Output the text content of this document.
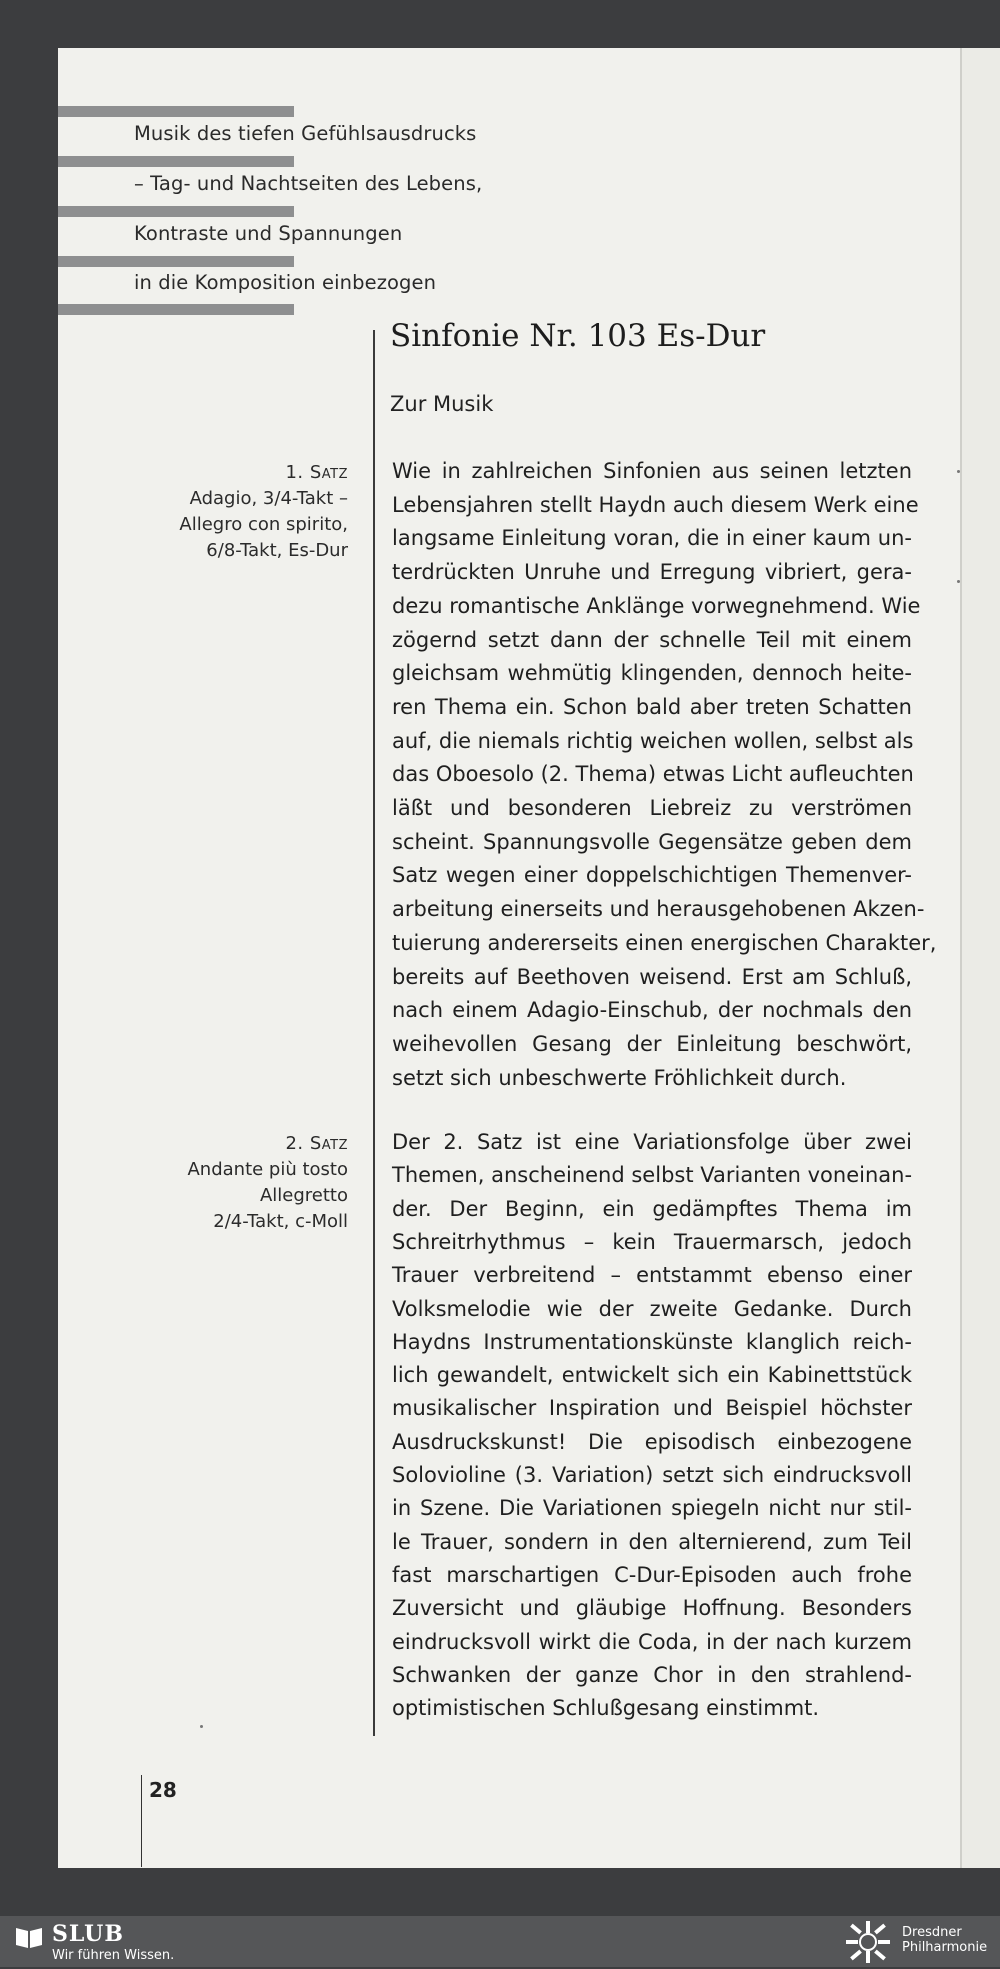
Musik des tiefen Gefühlsausdrucks
– Tag- und Nachtseiten des Lebens,
Kontraste und Spannungen
in die Komposition einbezogen
Sinfonie Nr. 103 Es-Dur
Zur Musik
1. Satz
Adagio, 3/4-Takt –
Allegro con spirito,
6/8-Takt, Es-Dur
2. Satz
Andante più tosto
Allegretto
2/4-Takt, c-Moll
Wie in zahlreichen Sinfonien aus seinen letzten
Lebensjahren stellt Haydn auch diesem Werk eine
langsame Einleitung voran, die in einer kaum un-
terdrückten Unruhe und Erregung vibriert, gera-
dezu romantische Anklänge vorwegnehmend. Wie
zögernd setzt dann der schnelle Teil mit einem
gleichsam wehmütig klingenden, dennoch heite-
ren Thema ein. Schon bald aber treten Schatten
auf, die niemals richtig weichen wollen, selbst als
das Oboesolo (2. Thema) etwas Licht aufleuchten
läßt und besonderen Liebreiz zu verströmen
scheint. Spannungsvolle Gegensätze geben dem
Satz wegen einer doppelschichtigen Themenver-
arbeitung einerseits und herausgehobenen Akzen-
tuierung andererseits einen energischen Charakter,
bereits auf Beethoven weisend. Erst am Schluß,
nach einem Adagio-Einschub, der nochmals den
weihevollen Gesang der Einleitung beschwört,
setzt sich unbeschwerte Fröhlichkeit durch.
Der 2. Satz ist eine Variationsfolge über zwei
Themen, anscheinend selbst Varianten voneinan-
der. Der Beginn, ein gedämpftes Thema im
Schreitrhythmus – kein Trauermarsch, jedoch
Trauer verbreitend – entstammt ebenso einer
Volksmelodie wie der zweite Gedanke. Durch
Haydns Instrumentationskünste klanglich reich-
lich gewandelt, entwickelt sich ein Kabinettstück
musikalischer Inspiration und Beispiel höchster
Ausdruckskunst! Die episodisch einbezogene
Solovioline (3. Variation) setzt sich eindrucksvoll
in Szene. Die Variationen spiegeln nicht nur stil-
le Trauer, sondern in den alternierend, zum Teil
fast marschartigen C-Dur-Episoden auch frohe
Zuversicht und gläubige Hoffnung. Besonders
eindrucksvoll wirkt die Coda, in der nach kurzem
Schwanken der ganze Chor in den strahlend-
optimistischen Schlußgesang einstimmt.
28
SLUB
Wir führen Wissen.
Dresdner
Philharmonie
